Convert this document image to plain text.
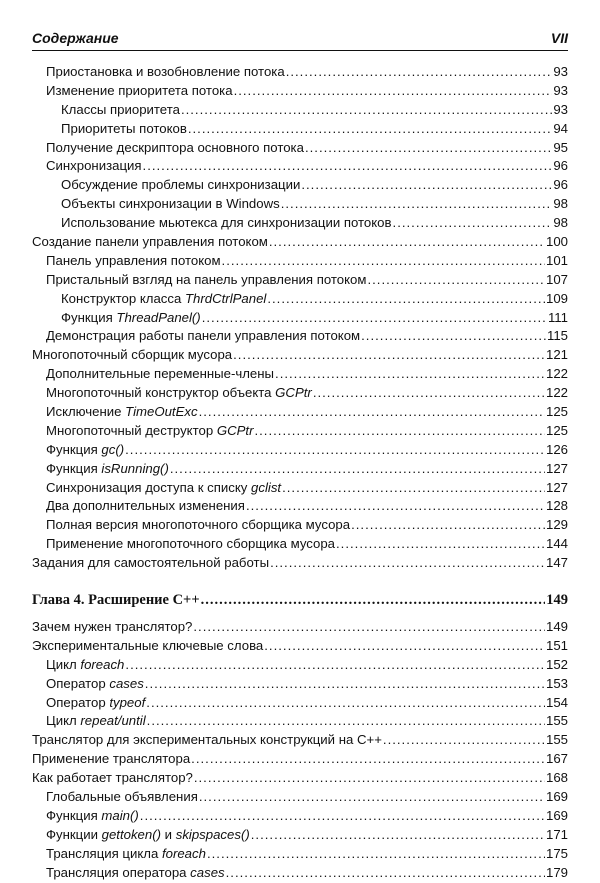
Содержание	VII
Приостановка и возобновление потока .....	93
Изменение приоритета потока .....	93
Классы приоритета .....	93
Приоритеты потоков .....	94
Получение дескриптора основного потока .....	95
Синхронизация .....	96
Обсуждение проблемы синхронизации .....	96
Объекты синхронизации в Windows .....	98
Использование мьютекса для синхронизации потоков .....	98
Создание панели управления потоком .....	100
Панель управления потоком .....	101
Пристальный взгляд на панель управления потоком .....	107
Конструктор класса ThrdCtrlPanel .....	109
Функция ThreadPanel() .....	111
Демонстрация работы панели управления потоком .....	115
Многопоточный сборщик мусора .....	121
Дополнительные переменные-члены .....	122
Многопоточный конструктор объекта GCPtr .....	122
Исключение TimeOutExc .....	125
Многопоточный деструктор GCPtr .....	125
Функция gc() .....	126
Функция isRunning() .....	127
Синхронизация доступа к списку gclist .....	127
Два дополнительных изменения .....	128
Полная версия многопоточного сборщика мусора .....	129
Применение многопоточного сборщика мусора .....	144
Задания для самостоятельной работы .....	147
Глава 4. Расширение C++ .....	149
Зачем нужен транслятор? .....	149
Экспериментальные ключевые слова .....	151
Цикл foreach .....	152
Оператор cases .....	153
Оператор typeof .....	154
Цикл repeat/until .....	155
Транслятор для экспериментальных конструкций на C++ .....	155
Применение транслятора .....	167
Как работает транслятор? .....	168
Глобальные объявления .....	169
Функция main() .....	169
Функции gettoken() и skipspaces() .....	171
Трансляция цикла foreach .....	175
Трансляция оператора cases .....	179
